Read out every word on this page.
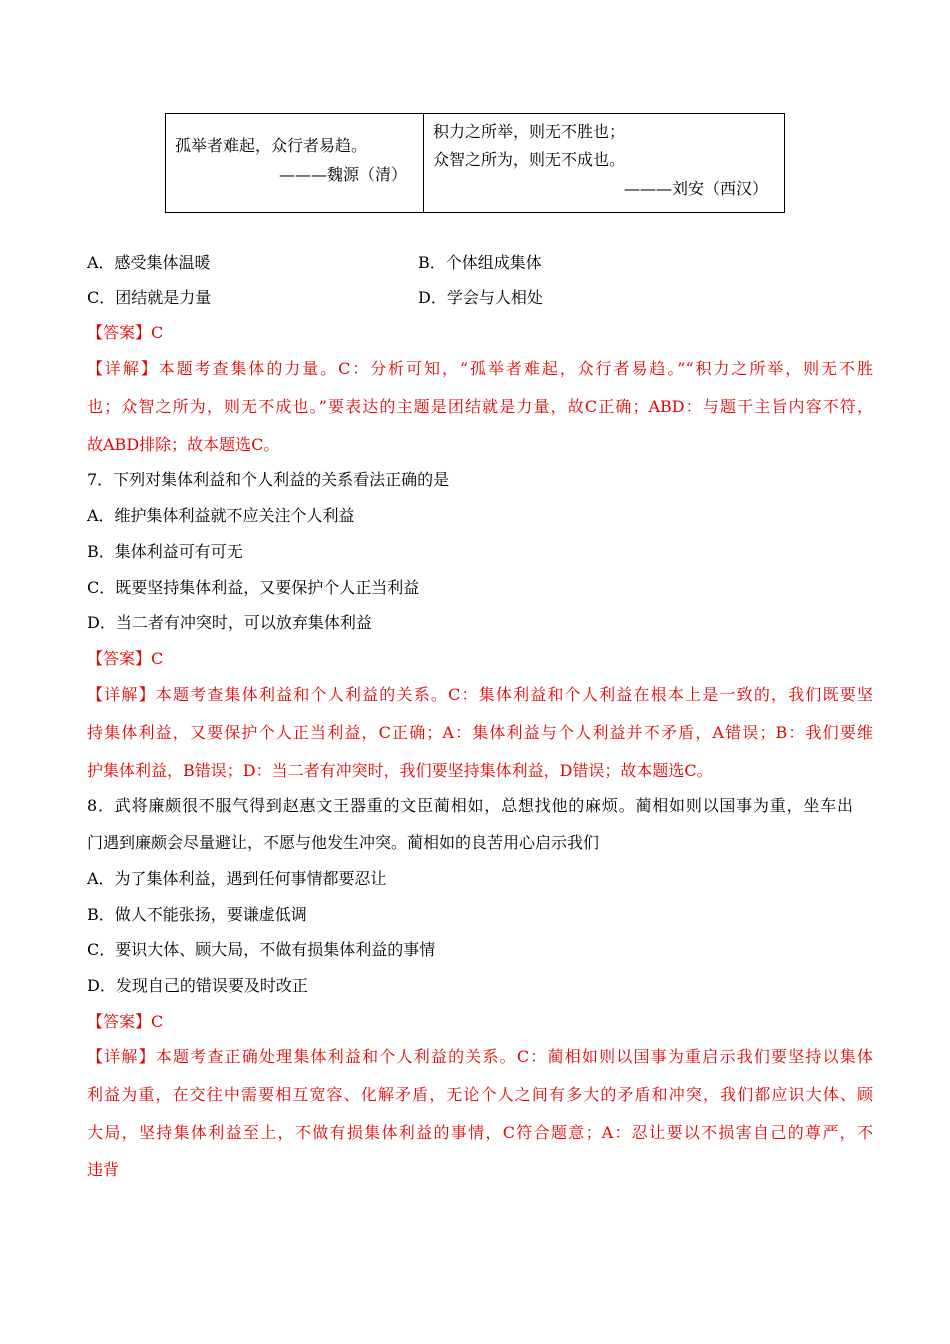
孤举者难起，众行者易趋。
———魏源（清）
积力之所举，则无不胜也；
众智之所为，则无不成也。
———刘安（西汉）
A．感受集体温暖	B．个体组成集体
C．团结就是力量	D．学会与人相处
【答案】C
【详解】本题考查集体的力量。C：分析可知，“孤举者难起，众行者易趋。”“积力之所举，则无不胜
也；众智之所为，则无不成也。”要表达的主题是团结就是力量，故C正确；ABD：与题干主旨内容不符，
故ABD排除；故本题选C。
7．下列对集体利益和个人利益的关系看法正确的是
A．维护集体利益就不应关注个人利益
B．集体利益可有可无
C．既要坚持集体利益，又要保护个人正当利益
D．当二者有冲突时，可以放弃集体利益
【答案】C
【详解】本题考查集体利益和个人利益的关系。C：集体利益和个人利益在根本上是一致的，我们既要坚
持集体利益，又要保护个人正当利益，C正确；A：集体利益与个人利益并不矛盾，A错误；B：我们要维
护集体利益，B错误；D：当二者有冲突时，我们要坚持集体利益，D错误；故本题选C。
8．武将廉颇很不服气得到赵惠文王器重的文臣蔺相如，总想找他的麻烦。蔺相如则以国事为重，坐车出
门遇到廉颇会尽量避让，不愿与他发生冲突。蔺相如的良苦用心启示我们
A．为了集体利益，遇到任何事情都要忍让
B．做人不能张扬，要谦虚低调
C．要识大体、顾大局，不做有损集体利益的事情
D．发现自己的错误要及时改正
【答案】C
【详解】本题考查正确处理集体利益和个人利益的关系。C：蔺相如则以国事为重启示我们要坚持以集体
利益为重，在交往中需要相互宽容、化解矛盾，无论个人之间有多大的矛盾和冲突，我们都应识大体、顾
大局，坚持集体利益至上，不做有损集体利益的事情，C符合题意；A：忍让要以不损害自己的尊严，不
违背
